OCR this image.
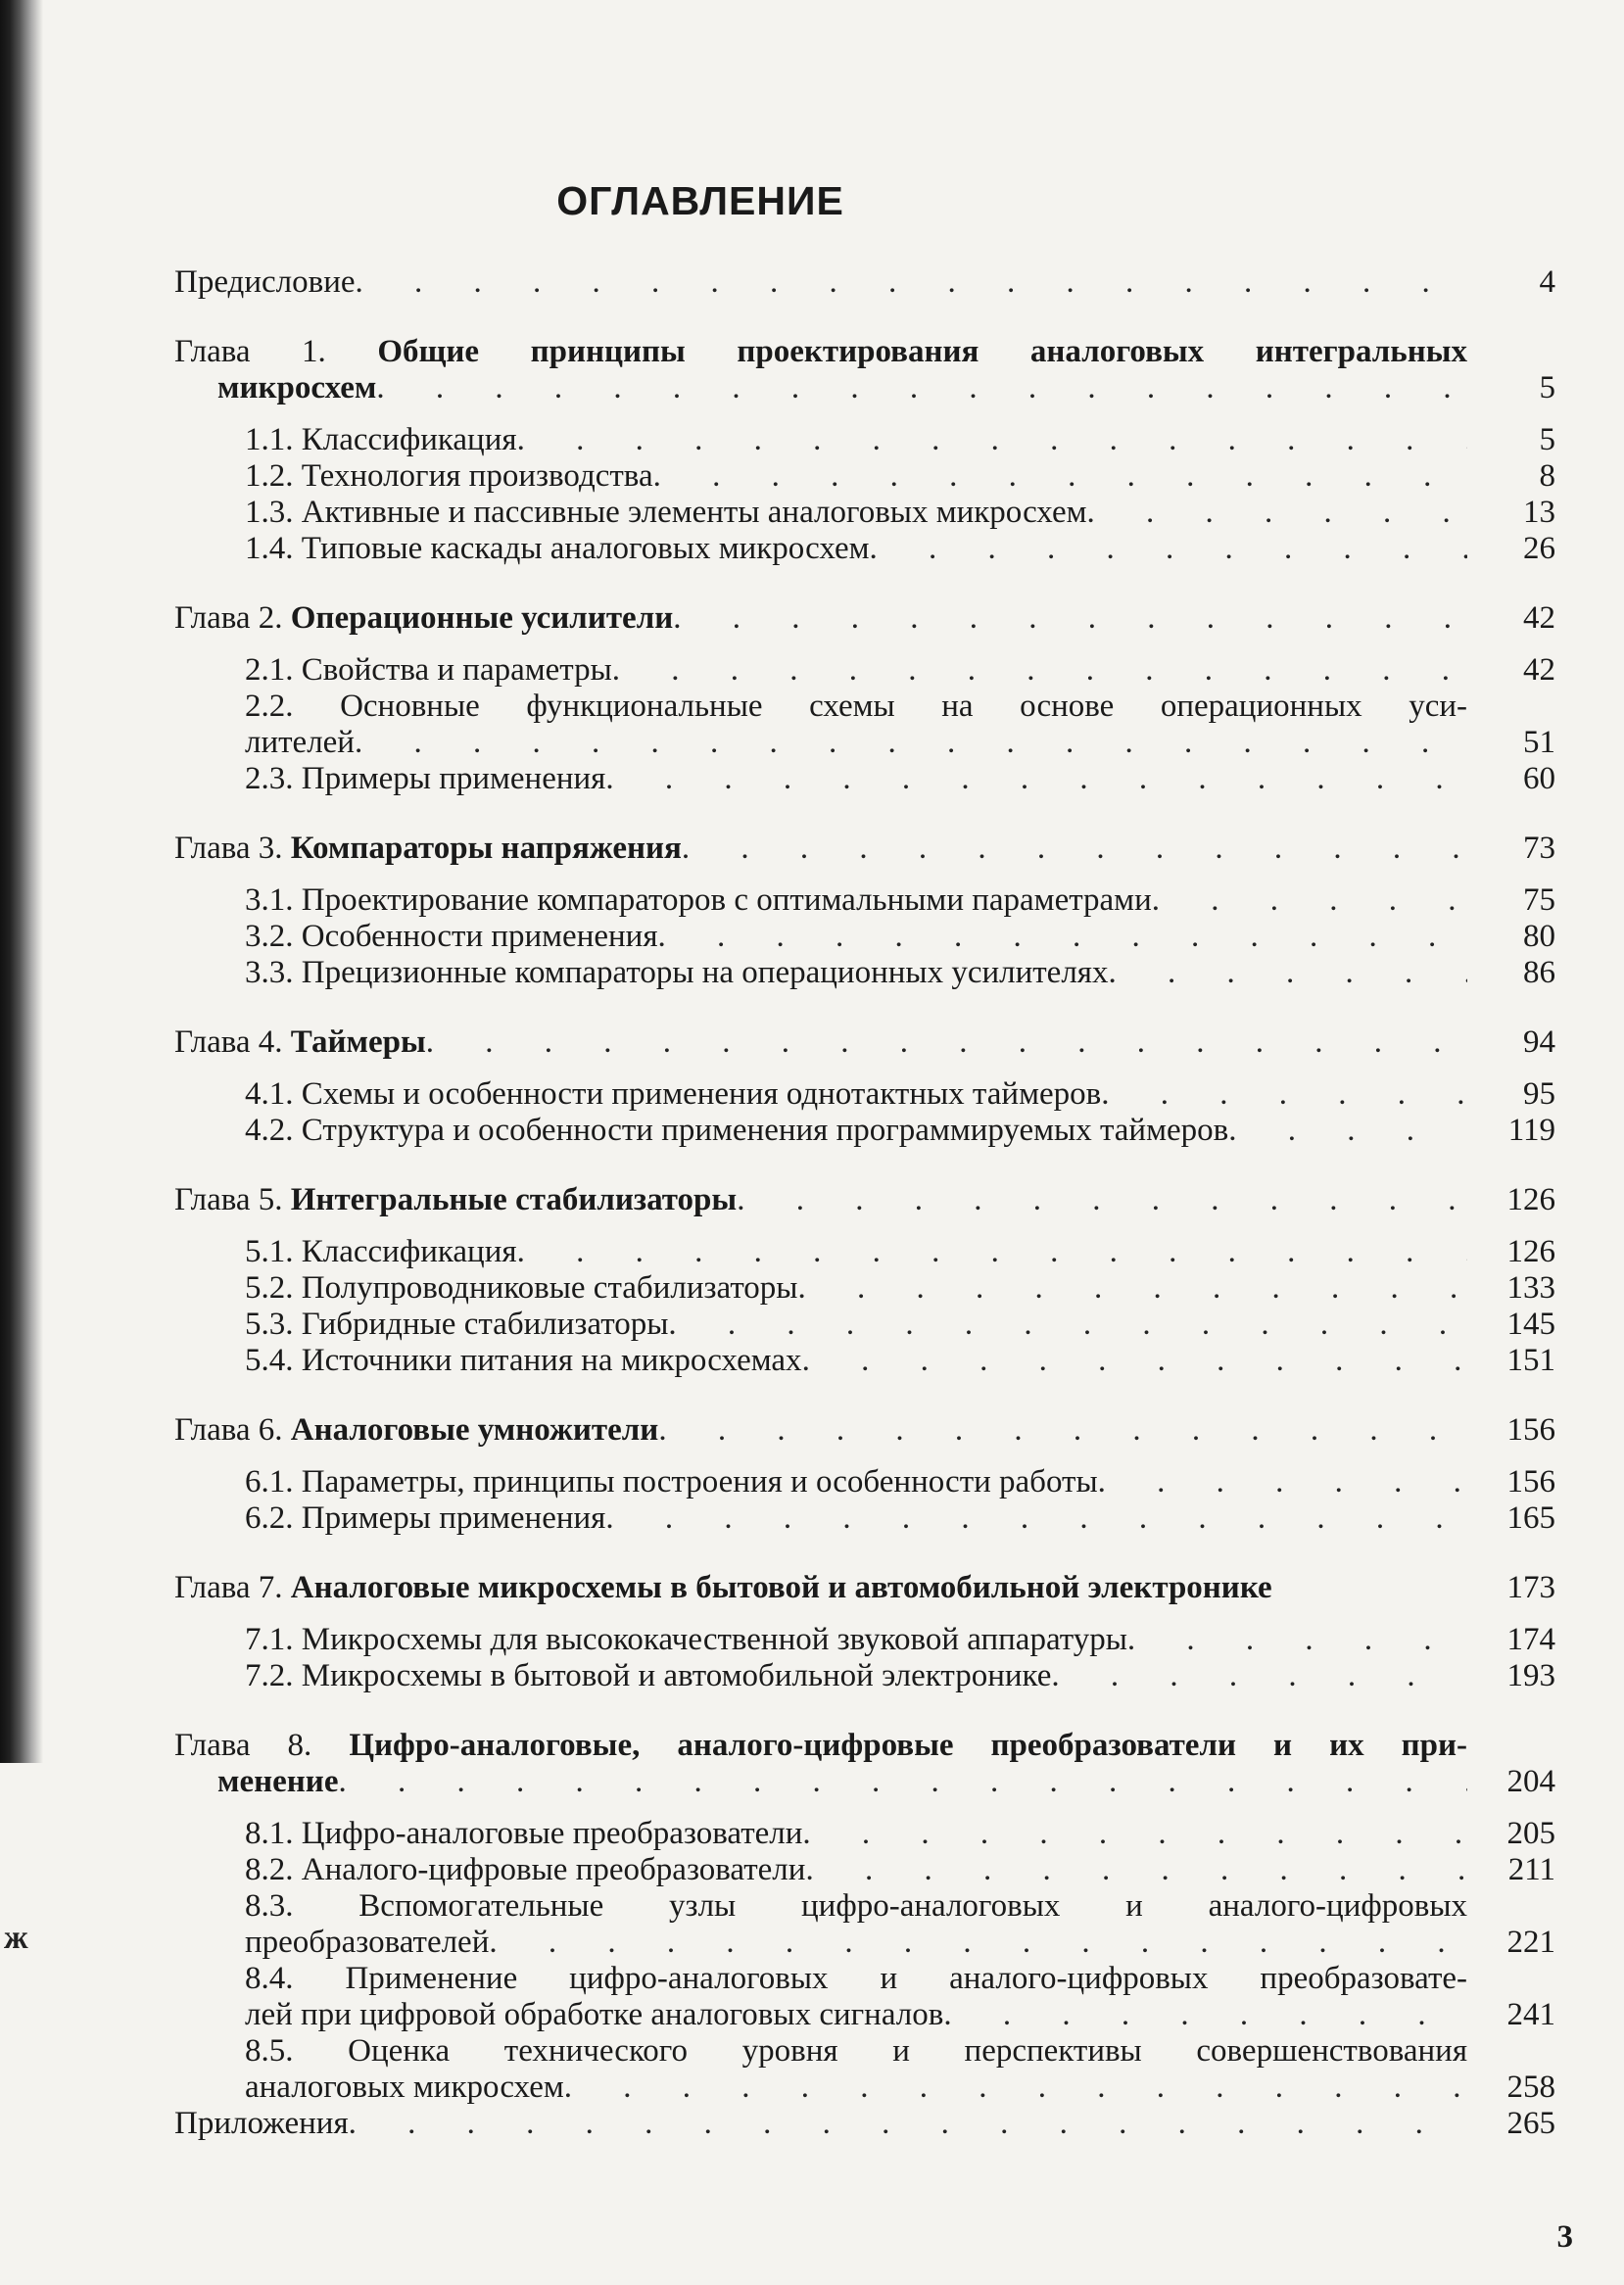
ж
ОГЛАВЛЕНИЕ
Предисловие . . .	4
Глава 1. Общие принципы проектирования аналоговых интегральных
микросхем . . .	5
1.1. Классификация . . .	5
1.2. Технология производства . . .	8
1.3. Активные и пассивные элементы аналоговых микросхем . . .	13
1.4. Типовые каскады аналоговых микросхем . . .	26
Глава 2. Операционные усилители . . .	42
2.1. Свойства и параметры . . .	42
2.2. Основные функциональные схемы на основе операционных уси-
лителей . . .	51
2.3. Примеры применения . . .	60
Глава 3. Компараторы напряжения . . .	73
3.1. Проектирование компараторов с оптимальными параметрами . . .	75
3.2. Особенности применения . . .	80
3.3. Прецизионные компараторы на операционных усилителях . . .	86
Глава 4. Таймеры . . .	94
4.1. Схемы и особенности применения однотактных таймеров . . .	95
4.2. Структура и особенности применения программируемых таймеров . . .	119
Глава 5. Интегральные стабилизаторы . . .	126
5.1. Классификация . . .	126
5.2. Полупроводниковые стабилизаторы . . .	133
5.3. Гибридные стабилизаторы . . .	145
5.4. Источники питания на микросхемах . . .	151
Глава 6. Аналоговые умножители . . .	156
6.1. Параметры, принципы построения и особенности работы . . .	156
6.2. Примеры применения . . .	165
Глава 7. Аналоговые микросхемы в бытовой и автомобильной электронике	173
7.1. Микросхемы для высококачественной звуковой аппаратуры . . .	174
7.2. Микросхемы в бытовой и автомобильной электронике . . .	193
Глава 8. Цифро-аналоговые, аналого-цифровые преобразователи и их при-
менение . . .	204
8.1. Цифро-аналоговые преобразователи . . .	205
8.2. Аналого-цифровые преобразователи . . .	211
8.3. Вспомогательные узлы цифро-аналоговых и аналого-цифровых
преобразователей . . .	221
8.4. Применение цифро-аналоговых и аналого-цифровых преобразовате-
лей при цифровой обработке аналоговых сигналов . . .	241
8.5. Оценка технического уровня и перспективы совершенствования
аналоговых микросхем . . .	258
Приложения . . .	265
3
